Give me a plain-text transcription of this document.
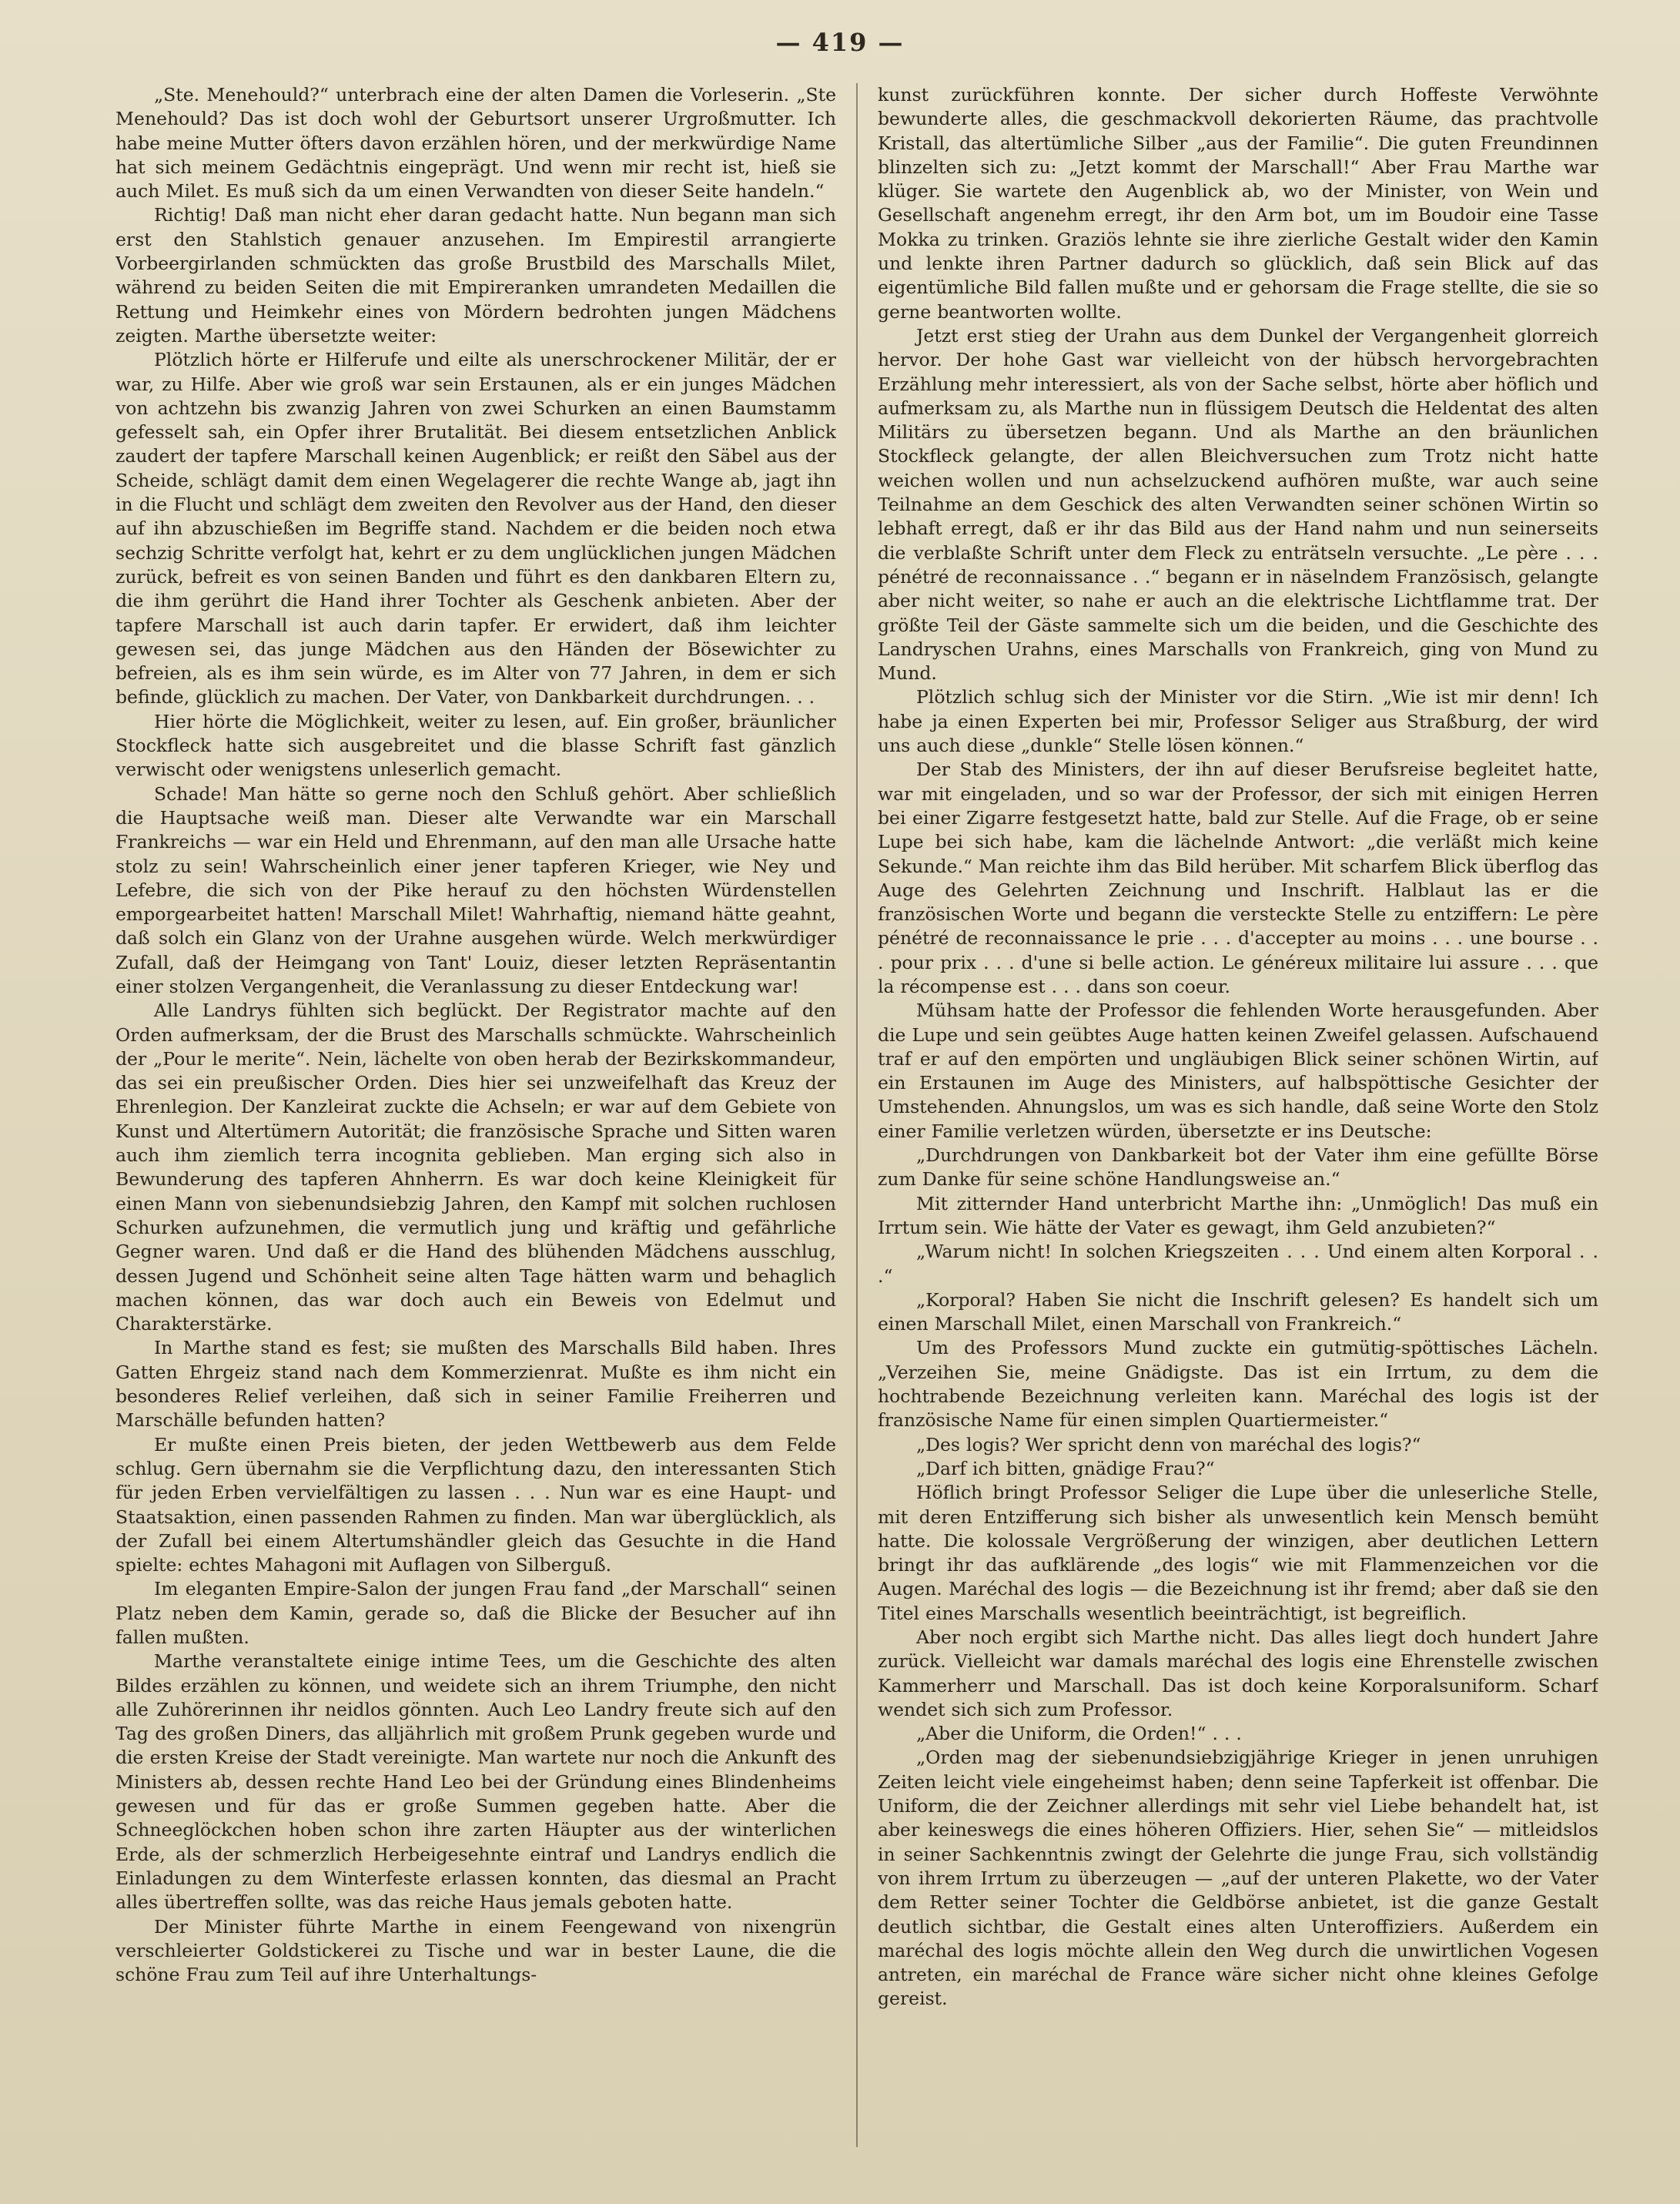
— 419 —

„Ste. Menehould?“ unterbrach eine der alten Damen die Vorleserin. „Ste Menehould? Das ist doch wohl der Geburtsort unserer Urgroßmutter. Ich habe meine Mutter öfters davon erzählen hören, und der merkwürdige Name hat sich meinem Gedächtnis eingeprägt. Und wenn mir recht ist, hieß sie auch Milet. Es muß sich da um einen Verwandten von dieser Seite handeln.“

Richtig! Daß man nicht eher daran gedacht hatte. Nun begann man sich erst den Stahlstich genauer anzusehen. Im Empirestil arrangierte Vorbeergirlanden schmückten das große Brustbild des Marschalls Milet, während zu beiden Seiten die mit Empireranken umrandeten Medaillen die Rettung und Heimkehr eines von Mördern bedrohten jungen Mädchens zeigten. Marthe übersetzte weiter:

Plötzlich hörte er Hilferufe und eilte als unerschrockener Militär, der er war, zu Hilfe. Aber wie groß war sein Erstaunen, als er ein junges Mädchen von achtzehn bis zwanzig Jahren von zwei Schurken an einen Baumstamm gefesselt sah, ein Opfer ihrer Brutalität. Bei diesem entsetzlichen Anblick zaudert der tapfere Marschall keinen Augenblick; er reißt den Säbel aus der Scheide, schlägt damit dem einen Wegelagerer die rechte Wange ab, jagt ihn in die Flucht und schlägt dem zweiten den Revolver aus der Hand, den dieser auf ihn abzuschießen im Begriffe stand. Nachdem er die beiden noch etwa sechzig Schritte verfolgt hat, kehrt er zu dem unglücklichen jungen Mädchen zurück, befreit es von seinen Banden und führt es den dankbaren Eltern zu, die ihm gerührt die Hand ihrer Tochter als Geschenk anbieten. Aber der tapfere Marschall ist auch darin tapfer. Er erwidert, daß ihm leichter gewesen sei, das junge Mädchen aus den Händen der Bösewichter zu befreien, als es ihm sein würde, es im Alter von 77 Jahren, in dem er sich befinde, glücklich zu machen. Der Vater, von Dankbarkeit durchdrungen. . .

Hier hörte die Möglichkeit, weiter zu lesen, auf. Ein großer, bräunlicher Stockfleck hatte sich ausgebreitet und die blasse Schrift fast gänzlich verwischt oder wenigstens unleserlich gemacht.

Schade! Man hätte so gerne noch den Schluß gehört. Aber schließlich die Hauptsache weiß man. Dieser alte Verwandte war ein Marschall Frankreichs — war ein Held und Ehrenmann, auf den man alle Ursache hatte stolz zu sein! Wahrscheinlich einer jener tapferen Krieger, wie Ney und Lefebre, die sich von der Pike herauf zu den höchsten Würdenstellen emporgearbeitet hatten! Marschall Milet! Wahrhaftig, niemand hätte geahnt, daß solch ein Glanz von der Urahne ausgehen würde. Welch merkwürdiger Zufall, daß der Heimgang von Tant' Louiz, dieser letzten Repräsentantin einer stolzen Vergangenheit, die Veranlassung zu dieser Entdeckung war!

Alle Landrys fühlten sich beglückt. Der Registrator machte auf den Orden aufmerksam, der die Brust des Marschalls schmückte. Wahrscheinlich der „Pour le merite“. Nein, lächelte von oben herab der Bezirkskommandeur, das sei ein preußischer Orden. Dies hier sei unzweifelhaft das Kreuz der Ehrenlegion. Der Kanzleirat zuckte die Achseln; er war auf dem Gebiete von Kunst und Altertümern Autorität; die französische Sprache und Sitten waren auch ihm ziemlich terra incognita geblieben. Man erging sich also in Bewunderung des tapferen Ahnherrn. Es war doch keine Kleinigkeit für einen Mann von siebenundsiebzig Jahren, den Kampf mit solchen ruchlosen Schurken aufzunehmen, die vermutlich jung und kräftig und gefährliche Gegner waren. Und daß er die Hand des blühenden Mädchens ausschlug, dessen Jugend und Schönheit seine alten Tage hätten warm und behaglich machen können, das war doch auch ein Beweis von Edelmut und Charakterstärke.

In Marthe stand es fest; sie mußten des Marschalls Bild haben. Ihres Gatten Ehrgeiz stand nach dem Kommerzienrat. Mußte es ihm nicht ein besonderes Relief verleihen, daß sich in seiner Familie Freiherren und Marschälle befunden hatten?

Er mußte einen Preis bieten, der jeden Wettbewerb aus dem Felde schlug. Gern übernahm sie die Verpflichtung dazu, den interessanten Stich für jeden Erben vervielfältigen zu lassen . . . Nun war es eine Haupt- und Staatsaktion, einen passenden Rahmen zu finden. Man war überglücklich, als der Zufall bei einem Altertumshändler gleich das Gesuchte in die Hand spielte: echtes Mahagoni mit Auflagen von Silberguß.

Im eleganten Empire-Salon der jungen Frau fand „der Marschall“ seinen Platz neben dem Kamin, gerade so, daß die Blicke der Besucher auf ihn fallen mußten.

Marthe veranstaltete einige intime Tees, um die Geschichte des alten Bildes erzählen zu können, und weidete sich an ihrem Triumphe, den nicht alle Zuhörerinnen ihr neidlos gönnten. Auch Leo Landry freute sich auf den Tag des großen Diners, das alljährlich mit großem Prunk gegeben wurde und die ersten Kreise der Stadt vereinigte. Man wartete nur noch die Ankunft des Ministers ab, dessen rechte Hand Leo bei der Gründung eines Blindenheims gewesen und für das er große Summen gegeben hatte. Aber die Schneeglöckchen hoben schon ihre zarten Häupter aus der winterlichen Erde, als der schmerzlich Herbeigesehnte eintraf und Landrys endlich die Einladungen zu dem Winterfeste erlassen konnten, das diesmal an Pracht alles übertreffen sollte, was das reiche Haus jemals geboten hatte.

Der Minister führte Marthe in einem Feengewand von nixengrün verschleierter Goldstickerei zu Tische und war in bester Laune, die die schöne Frau zum Teil auf ihre Unterhaltungs-

kunst zurückführen konnte. Der sicher durch Hoffeste Verwöhnte bewunderte alles, die geschmackvoll dekorierten Räume, das prachtvolle Kristall, das altertümliche Silber „aus der Familie“. Die guten Freundinnen blinzelten sich zu: „Jetzt kommt der Marschall!“ Aber Frau Marthe war klüger. Sie wartete den Augenblick ab, wo der Minister, von Wein und Gesellschaft angenehm erregt, ihr den Arm bot, um im Boudoir eine Tasse Mokka zu trinken. Graziös lehnte sie ihre zierliche Gestalt wider den Kamin und lenkte ihren Partner dadurch so glücklich, daß sein Blick auf das eigentümliche Bild fallen mußte und er gehorsam die Frage stellte, die sie so gerne beantworten wollte.

Jetzt erst stieg der Urahn aus dem Dunkel der Vergangenheit glorreich hervor. Der hohe Gast war vielleicht von der hübsch hervorgebrachten Erzählung mehr interessiert, als von der Sache selbst, hörte aber höflich und aufmerksam zu, als Marthe nun in flüssigem Deutsch die Heldentat des alten Militärs zu übersetzen begann. Und als Marthe an den bräunlichen Stockfleck gelangte, der allen Bleichversuchen zum Trotz nicht hatte weichen wollen und nun achselzuckend aufhören mußte, war auch seine Teilnahme an dem Geschick des alten Verwandten seiner schönen Wirtin so lebhaft erregt, daß er ihr das Bild aus der Hand nahm und nun seinerseits die verblaßte Schrift unter dem Fleck zu enträtseln versuchte. „Le père . . . pénétré de reconnaissance . .“ begann er in näselndem Französisch, gelangte aber nicht weiter, so nahe er auch an die elektrische Lichtflamme trat. Der größte Teil der Gäste sammelte sich um die beiden, und die Geschichte des Landryschen Urahns, eines Marschalls von Frankreich, ging von Mund zu Mund.

Plötzlich schlug sich der Minister vor die Stirn. „Wie ist mir denn! Ich habe ja einen Experten bei mir, Professor Seliger aus Straßburg, der wird uns auch diese „dunkle“ Stelle lösen können.“

Der Stab des Ministers, der ihn auf dieser Berufsreise begleitet hatte, war mit eingeladen, und so war der Professor, der sich mit einigen Herren bei einer Zigarre festgesetzt hatte, bald zur Stelle. Auf die Frage, ob er seine Lupe bei sich habe, kam die lächelnde Antwort: „die verläßt mich keine Sekunde.“ Man reichte ihm das Bild herüber. Mit scharfem Blick überflog das Auge des Gelehrten Zeichnung und Inschrift. Halblaut las er die französischen Worte und begann die versteckte Stelle zu entziffern: Le père pénétré de reconnaissance le prie . . . d'accepter au moins . . . une bourse . . . pour prix . . . d'une si belle action. Le généreux militaire lui assure . . . que la récompense est . . . dans son coeur.

Mühsam hatte der Professor die fehlenden Worte herausgefunden. Aber die Lupe und sein geübtes Auge hatten keinen Zweifel gelassen. Aufschauend traf er auf den empörten und ungläubigen Blick seiner schönen Wirtin, auf ein Erstaunen im Auge des Ministers, auf halbspöttische Gesichter der Umstehenden. Ahnungslos, um was es sich handle, daß seine Worte den Stolz einer Familie verletzen würden, übersetzte er ins Deutsche:

„Durchdrungen von Dankbarkeit bot der Vater ihm eine gefüllte Börse zum Danke für seine schöne Handlungsweise an.“

Mit zitternder Hand unterbricht Marthe ihn: „Unmöglich! Das muß ein Irrtum sein. Wie hätte der Vater es gewagt, ihm Geld anzubieten?“

„Warum nicht! In solchen Kriegszeiten . . . Und einem alten Korporal . . .“

„Korporal? Haben Sie nicht die Inschrift gelesen? Es handelt sich um einen Marschall Milet, einen Marschall von Frankreich.“

Um des Professors Mund zuckte ein gutmütig-spöttisches Lächeln. „Verzeihen Sie, meine Gnädigste. Das ist ein Irrtum, zu dem die hochtrabende Bezeichnung verleiten kann. Maréchal des logis ist der französische Name für einen simplen Quartiermeister.“

„Des logis? Wer spricht denn von maréchal des logis?“

„Darf ich bitten, gnädige Frau?“

Höflich bringt Professor Seliger die Lupe über die unleserliche Stelle, mit deren Entzifferung sich bisher als unwesentlich kein Mensch bemüht hatte. Die kolossale Vergrößerung der winzigen, aber deutlichen Lettern bringt ihr das aufklärende „des logis“ wie mit Flammenzeichen vor die Augen. Maréchal des logis — die Bezeichnung ist ihr fremd; aber daß sie den Titel eines Marschalls wesentlich beeinträchtigt, ist begreiflich.

Aber noch ergibt sich Marthe nicht. Das alles liegt doch hundert Jahre zurück. Vielleicht war damals maréchal des logis eine Ehrenstelle zwischen Kammerherr und Marschall. Das ist doch keine Korporalsuniform. Scharf wendet sich sich zum Professor.

„Aber die Uniform, die Orden!“ . . .

„Orden mag der siebenundsiebzigjährige Krieger in jenen unruhigen Zeiten leicht viele eingeheimst haben; denn seine Tapferkeit ist offenbar. Die Uniform, die der Zeichner allerdings mit sehr viel Liebe behandelt hat, ist aber keineswegs die eines höheren Offiziers. Hier, sehen Sie“ — mitleidslos in seiner Sachkenntnis zwingt der Gelehrte die junge Frau, sich vollständig von ihrem Irrtum zu überzeugen — „auf der unteren Plakette, wo der Vater dem Retter seiner Tochter die Geldbörse anbietet, ist die ganze Gestalt deutlich sichtbar, die Gestalt eines alten Unteroffiziers. Außerdem ein maréchal des logis möchte allein den Weg durch die unwirtlichen Vogesen antreten, ein maréchal de France wäre sicher nicht ohne kleines Gefolge gereist.
